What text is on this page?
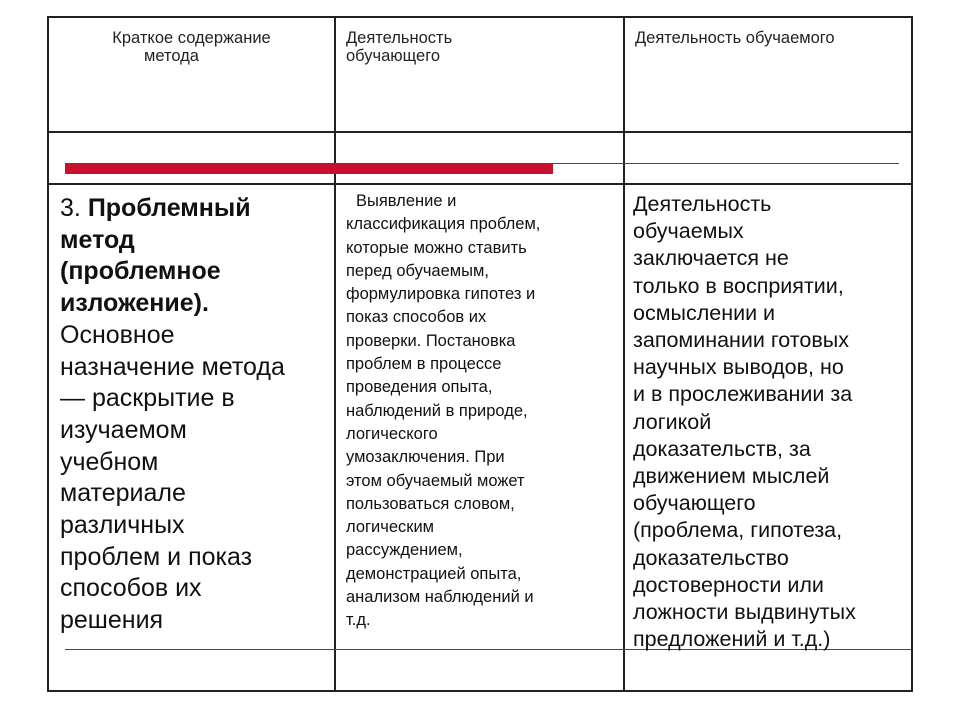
Краткое содержание
метода
Деятельность
обучающего
Деятельность обучаемого
3. Проблемный
метод
(проблемное
изложение).
Основное
назначение метода
— раскрытие в
изучаемом
учебном
материале
различных
проблем и показ
способов их
решения
Выявление и
классификация проблем,
которые можно ставить
перед обучаемым,
формулировка гипотез и
показ способов их
проверки. Постановка
проблем в процессе
проведения опыта,
наблюдений в природе,
логического
умозаключения. При
этом обучаемый может
пользоваться словом,
логическим
рассуждением,
демонстрацией опыта,
анализом наблюдений и
т.д.
Деятельность
обучаемых
заключается не
только в восприятии,
осмыслении и
запоминании готовых
научных выводов, но
и в прослеживании за
логикой
доказательств, за
движением мыслей
обучающего
(проблема, гипотеза,
доказательство
достоверности или
ложности выдвинутых
предложений и т.д.)
